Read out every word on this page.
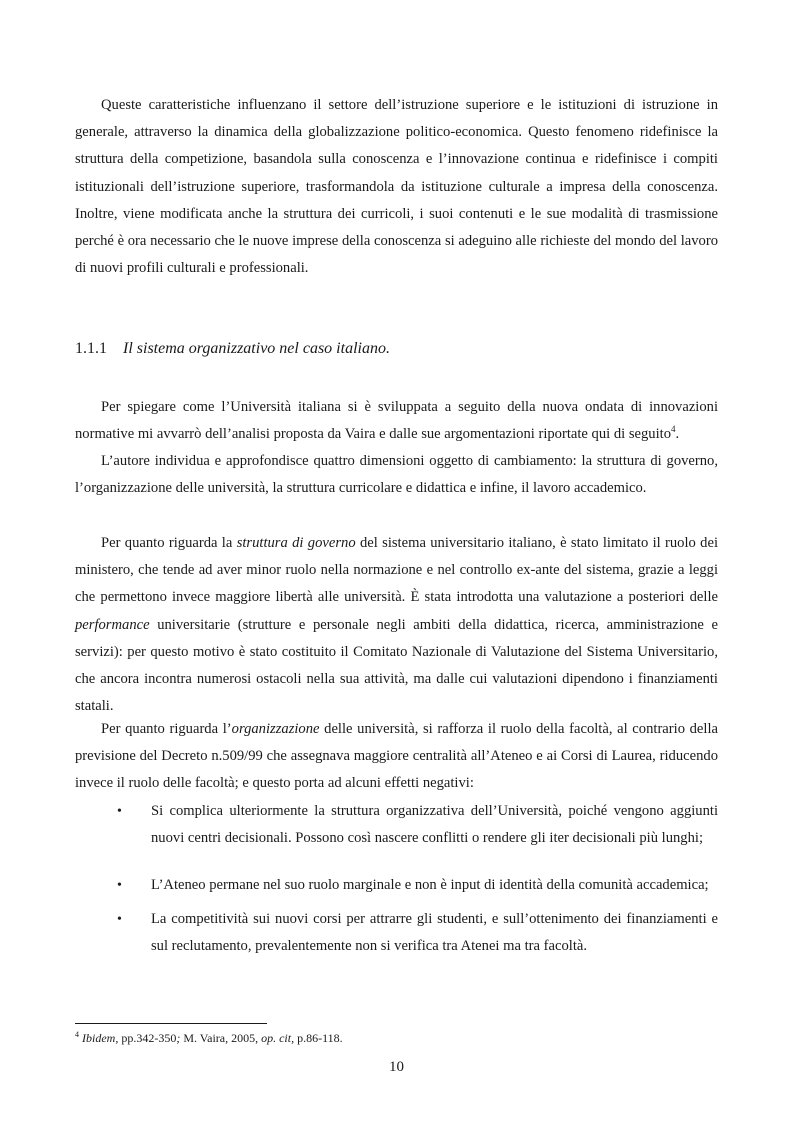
Queste caratteristiche influenzano il settore dell’istruzione superiore e le istituzioni di istruzione in generale, attraverso la dinamica della globalizzazione politico-economica. Questo fenomeno ridefinisce la struttura della competizione, basandola sulla conoscenza e l’innovazione continua e ridefinisce i compiti istituzionali dell’istruzione superiore, trasformandola da istituzione culturale a impresa della conoscenza. Inoltre, viene modificata anche la struttura dei curricoli, i suoi contenuti e le sue modalità di trasmissione perché è ora necessario che le nuove imprese della conoscenza si adeguino alle richieste del mondo del lavoro di nuovi profili culturali e professionali.

1.1.1 Il sistema organizzativo nel caso italiano.

Per spiegare come l’Università italiana si è sviluppata a seguito della nuova ondata di innovazioni normative mi avvarrò dell’analisi proposta da Vaira e dalle sue argomentazioni riportate qui di seguito$^4$.

L’autore individua e approfondisce quattro dimensioni oggetto di cambiamento: la struttura di governo, l’organizzazione delle università, la struttura curricolare e didattica e infine, il lavoro accademico.

Per quanto riguarda la struttura di governo del sistema universitario italiano, è stato limitato il ruolo dei ministero, che tende ad aver minor ruolo nella normazione e nel controllo ex-ante del sistema, grazie a leggi che permettono invece maggiore libertà alle università. È stata introdotta una valutazione a posteriori delle performance universitarie (strutture e personale negli ambiti della didattica, ricerca, amministrazione e servizi): per questo motivo è stato costituito il Comitato Nazionale di Valutazione del Sistema Universitario, che ancora incontra numerosi ostacoli nella sua attività, ma dalle cui valutazioni dipendono i finanziamenti statali.

Per quanto riguarda l’organizzazione delle università, si rafforza il ruolo della facoltà, al contrario della previsione del Decreto n.509/99 che assegnava maggiore centralità all’Ateneo e ai Corsi di Laurea, riducendo invece il ruolo delle facoltà; e questo porta ad alcuni effetti negativi:

• Si complica ulteriormente la struttura organizzativa dell’Università, poiché vengono aggiunti nuovi centri decisionali. Possono così nascere conflitti o rendere gli iter decisionali più lunghi;
• L’Ateneo permane nel suo ruolo marginale e non è input di identità della comunità accademica;
• La competitività sui nuovi corsi per attrarre gli studenti, e sull’ottenimento dei finanziamenti e sul reclutamento, prevalentemente non si verifica tra Atenei ma tra facoltà.

$^4$ Ibidem, pp.342-350; M. Vaira, 2005, op. cit, p.86-118.

10
